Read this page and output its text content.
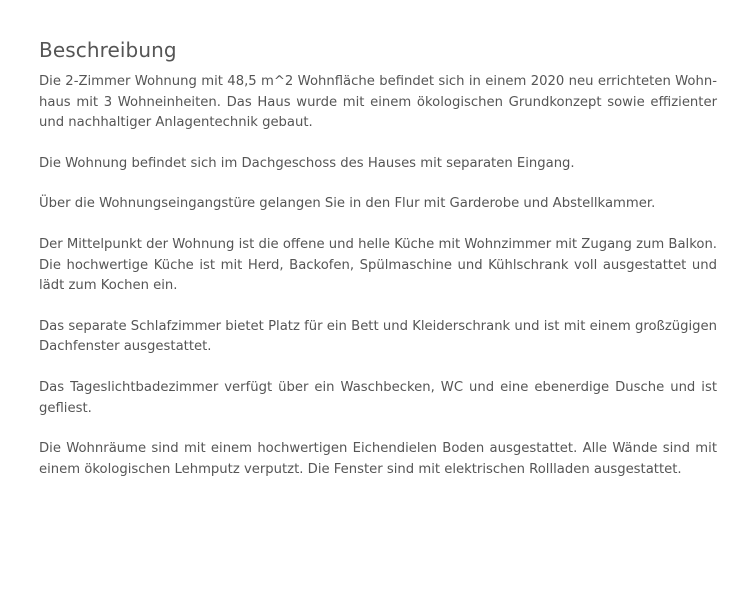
Beschreibung

Die 2-Zimmer Wohnung mit 48,5 m^2 Wohnfläche befindet sich in einem 2020 neu errichteten Wohnhaus mit 3 Wohneinheiten. Das Haus wurde mit einem ökologischen Grundkonzept sowie effizienter und nachhaltiger Anlagentechnik gebaut.

Die Wohnung befindet sich im Dachgeschoss des Hauses mit separaten Eingang.

Über die Wohnungseingangstüre gelangen Sie in den Flur mit Garderobe und Abstellkammer.

Der Mittelpunkt der Wohnung ist die offene und helle Küche mit Wohnzimmer mit Zugang zum Balkon. Die hochwertige Küche ist mit Herd, Backofen, Spülmaschine und Kühlschrank voll ausgestattet und lädt zum Kochen ein.

Das separate Schlafzimmer bietet Platz für ein Bett und Kleiderschrank und ist mit einem großzügigen Dachfenster ausgestattet.

Das Tageslichtbadezimmer verfügt über ein Waschbecken, WC und eine ebenerdige Dusche und ist gefliest.

Die Wohnräume sind mit einem hochwertigen Eichendielen Boden ausgestattet. Alle Wände sind mit einem ökologischen Lehmputz verputzt. Die Fenster sind mit elektrischen Rollladen ausgestattet.
